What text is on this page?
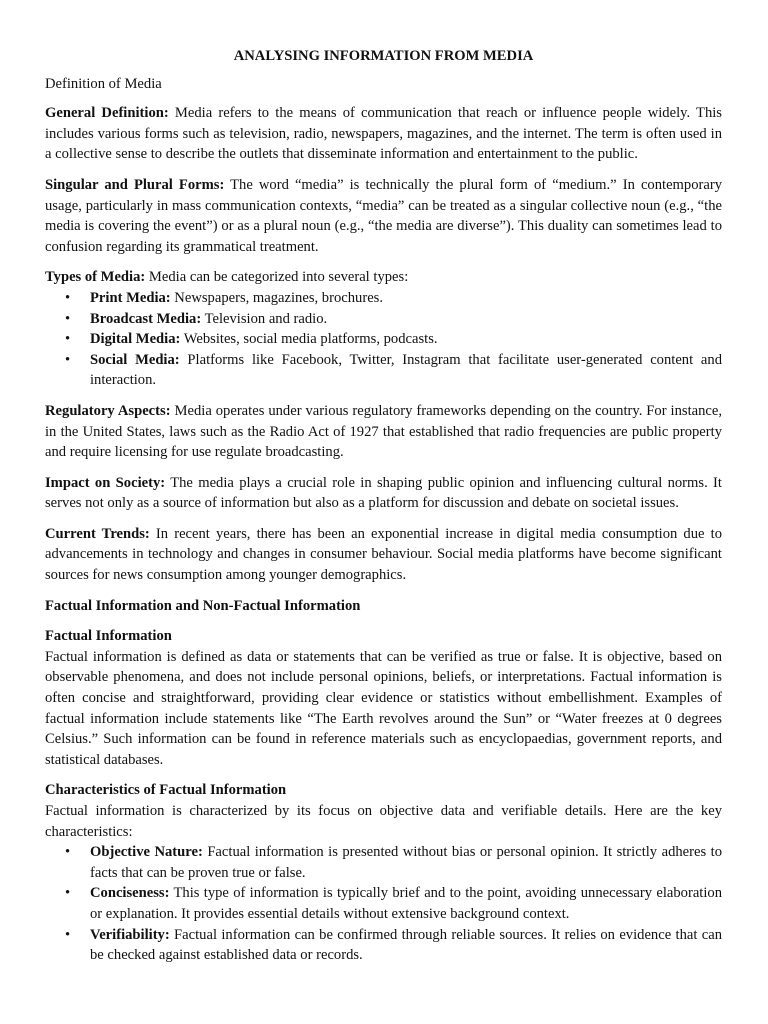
ANALYSING INFORMATION FROM MEDIA
Definition of Media

General Definition: Media refers to the means of communication that reach or influence people widely. This includes various forms such as television, radio, newspapers, magazines, and the internet. The term is often used in a collective sense to describe the outlets that disseminate information and entertainment to the public.

Singular and Plural Forms: The word “media” is technically the plural form of “medium.” In contemporary usage, particularly in mass communication contexts, “media” can be treated as a singular collective noun (e.g., “the media is covering the event”) or as a plural noun (e.g., “the media are diverse”). This duality can sometimes lead to confusion regarding its grammatical treatment.

Types of Media: Media can be categorized into several types:
• Print Media: Newspapers, magazines, brochures.
• Broadcast Media: Television and radio.
• Digital Media: Websites, social media platforms, podcasts.
• Social Media: Platforms like Facebook, Twitter, Instagram that facilitate user-generated content and interaction.

Regulatory Aspects: Media operates under various regulatory frameworks depending on the country. For instance, in the United States, laws such as the Radio Act of 1927 that established that radio frequencies are public property and require licensing for use regulate broadcasting.

Impact on Society: The media plays a crucial role in shaping public opinion and influencing cultural norms. It serves not only as a source of information but also as a platform for discussion and debate on societal issues.

Current Trends: In recent years, there has been an exponential increase in digital media consumption due to advancements in technology and changes in consumer behaviour. Social media platforms have become significant sources for news consumption among younger demographics.

Factual Information and Non-Factual Information
Factual Information

Factual information is defined as data or statements that can be verified as true or false. It is objective, based on observable phenomena, and does not include personal opinions, beliefs, or interpretations. Factual information is often concise and straightforward, providing clear evidence or statistics without embellishment. Examples of factual information include statements like “The Earth revolves around the Sun” or “Water freezes at 0 degrees Celsius.” Such information can be found in reference materials such as encyclopaedias, government reports, and statistical databases.

Characteristics of Factual Information

Factual information is characterized by its focus on objective data and verifiable details. Here are the key characteristics:

• Objective Nature: Factual information is presented without bias or personal opinion. It strictly adheres to facts that can be proven true or false.
• Conciseness: This type of information is typically brief and to the point, avoiding unnecessary elaboration or explanation. It provides essential details without extensive background context.
• Verifiability: Factual information can be confirmed through reliable sources. It relies on evidence that can be checked against established data or records.
